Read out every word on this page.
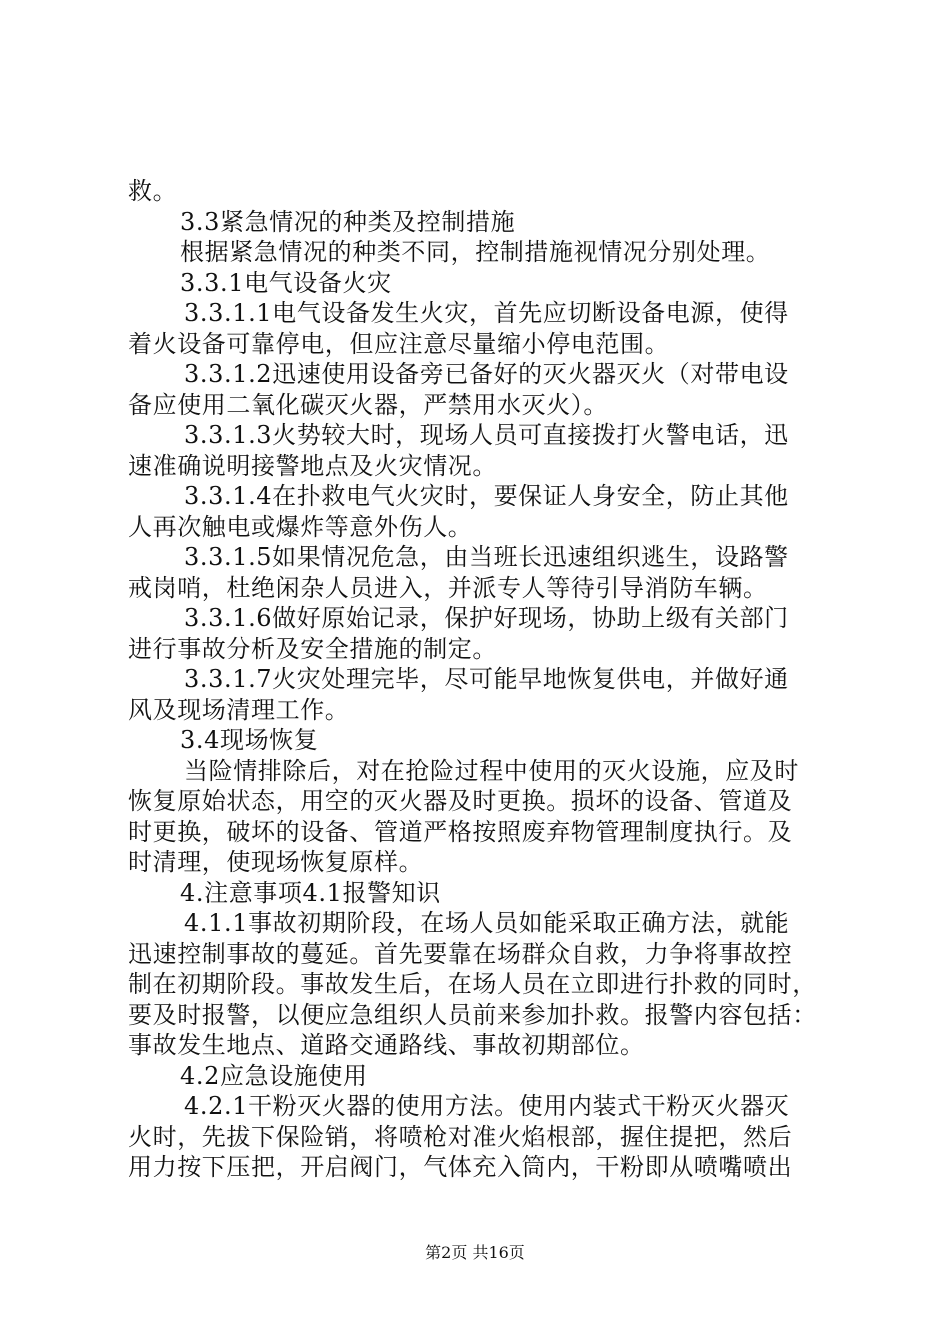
救。
3.3紧急情况的种类及控制措施
根据紧急情况的种类不同，控制措施视情况分别处理。
3.3.1电气设备火灾
3.3.1.1电气设备发生火灾，首先应切断设备电源，使得
着火设备可靠停电，但应注意尽量缩小停电范围。
3.3.1.2迅速使用设备旁已备好的灭火器灭火（对带电设
备应使用二氧化碳灭火器，严禁用水灭火）。
3.3.1.3火势较大时，现场人员可直接拨打火警电话，迅
速准确说明接警地点及火灾情况。
3.3.1.4在扑救电气火灾时，要保证人身安全，防止其他
人再次触电或爆炸等意外伤人。
3.3.1.5如果情况危急，由当班长迅速组织逃生，设路警
戒岗哨，杜绝闲杂人员进入，并派专人等待引导消防车辆。
3.3.1.6做好原始记录，保护好现场，协助上级有关部门
进行事故分析及安全措施的制定。
3.3.1.7火灾处理完毕，尽可能早地恢复供电，并做好通
风及现场清理工作。
3.4现场恢复
当险情排除后，对在抢险过程中使用的灭火设施，应及时
恢复原始状态，用空的灭火器及时更换。损坏的设备、管道及
时更换，破坏的设备、管道严格按照废弃物管理制度执行。及
时清理，使现场恢复原样。
4.注意事项4.1报警知识
4.1.1事故初期阶段，在场人员如能采取正确方法，就能
迅速控制事故的蔓延。首先要靠在场群众自救，力争将事故控
制在初期阶段。事故发生后，在场人员在立即进行扑救的同时，
要及时报警，以便应急组织人员前来参加扑救。报警内容包括：
事故发生地点、道路交通路线、事故初期部位。
4.2应急设施使用
4.2.1干粉灭火器的使用方法。使用内装式干粉灭火器灭
火时，先拔下保险销，将喷枪对准火焰根部，握住提把，然后
用力按下压把，开启阀门，气体充入筒内，干粉即从喷嘴喷出
第2页 共16页
